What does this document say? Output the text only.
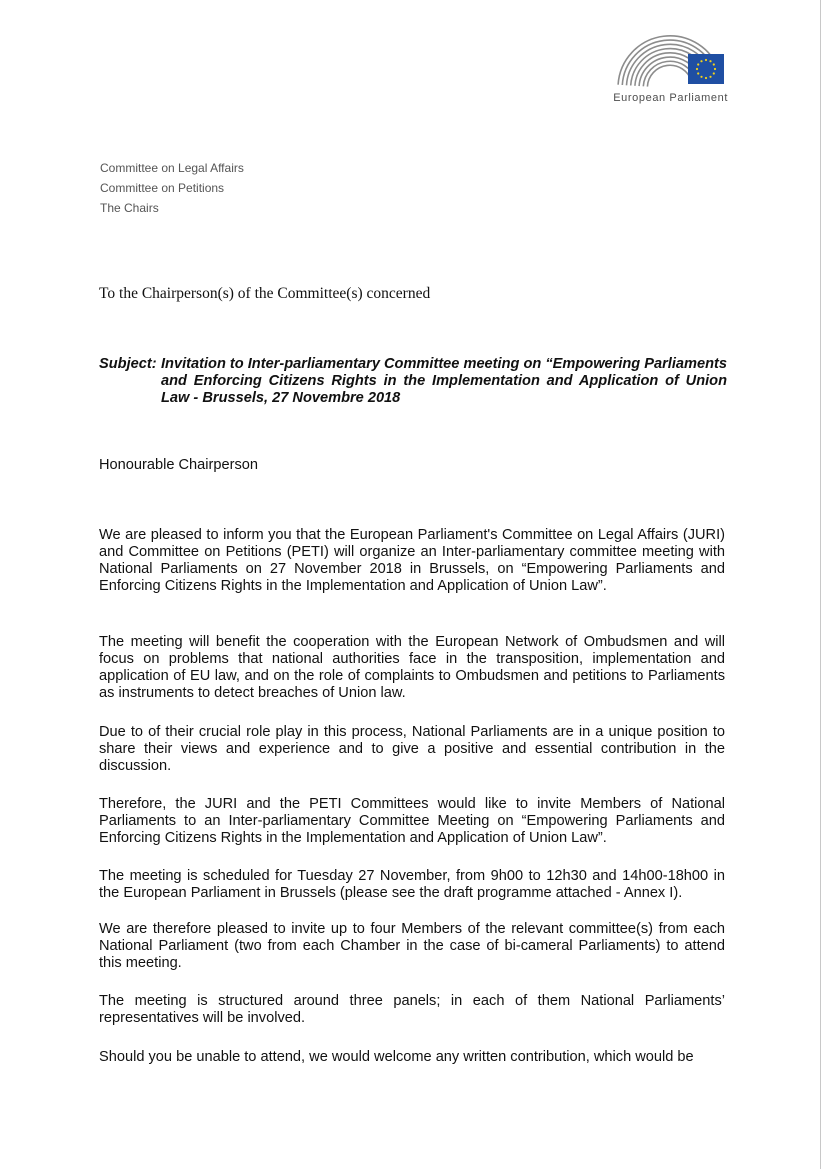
European Parliament
Committee on Legal Affairs
Committee on Petitions
The Chairs
To the Chairperson(s) of the Committee(s) concerned
Subject: Invitation to Inter-parliamentary Committee meeting on “Empowering Parliaments and Enforcing Citizens Rights in the Implementation and Application of Union Law - Brussels, 27 Novembre 2018
Honourable Chairperson
We are pleased to inform you that the European Parliament's Committee on Legal Affairs (JURI) and Committee on Petitions (PETI) will organize an Inter-parliamentary committee meeting with National Parliaments on 27 November 2018 in Brussels, on “Empowering Parliaments and Enforcing Citizens Rights in the Implementation and Application of Union Law”.
The meeting will benefit the cooperation with the European Network of Ombudsmen and will focus on problems that national authorities face in the transposition, implementation and application of EU law, and on the role of complaints to Ombudsmen and petitions to Parliaments as instruments to detect breaches of Union law.
Due to of their crucial role play in this process, National Parliaments are in a unique position to share their views and experience and to give a positive and essential contribution in the discussion.
Therefore, the JURI and the PETI Committees would like to invite Members of National Parliaments to an Inter-parliamentary Committee Meeting on “Empowering Parliaments and Enforcing Citizens Rights in the Implementation and Application of Union Law”.
The meeting is scheduled for Tuesday 27 November, from 9h00 to 12h30 and 14h00-18h00 in the European Parliament in Brussels (please see the draft programme attached - Annex I).
We are therefore pleased to invite up to four Members of the relevant committee(s) from each National Parliament (two from each Chamber in the case of bi-cameral Parliaments) to attend this meeting.
The meeting is structured around three panels; in each of them National Parliaments’ representatives will be involved.
Should you be unable to attend, we would welcome any written contribution, which would be
